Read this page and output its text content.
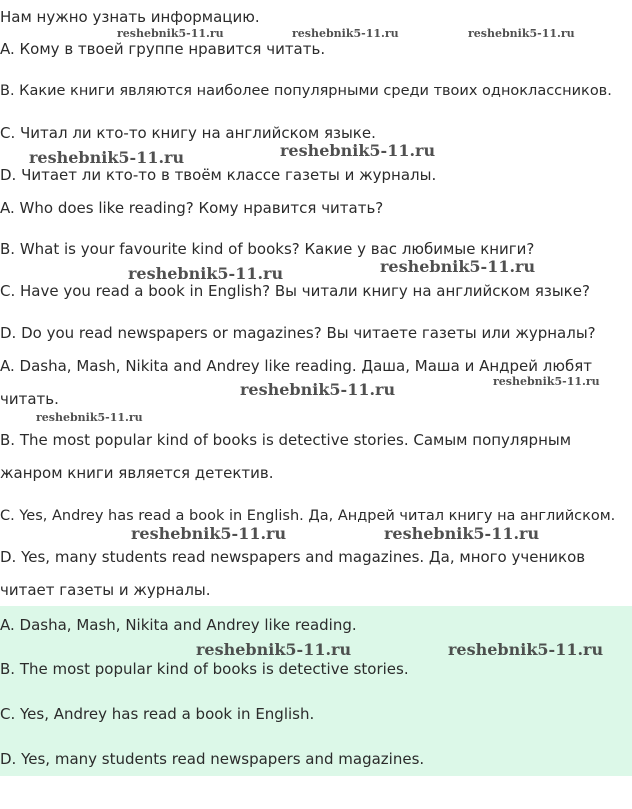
Нам нужно узнать информацию.
A. Кому в твоей группе нравится читать.
B. Какие книги являются наиболее популярными среди твоих одноклассников.
C. Читал ли кто-то книгу на английском языке.
D. Читает ли кто-то в твоём классе газеты и журналы.
A. Who does like reading? Кому нравится читать?
B. What is your favourite kind of books? Какие у вас любимые книги?
C. Have you read a book in English? Вы читали книгу на английском языке?
D. Do you read newspapers or magazines? Вы читаете газеты или журналы?
A. Dasha, Mash, Nikita and Andrey like reading. Даша, Маша и Андрей любят
читать.
B. The most popular kind of books is detective stories. Самым популярным
жанром книги является детектив.
C. Yes, Andrey has read a book in English. Да, Андрей читал книгу на английском.
D. Yes, many students read newspapers and magazines. Да, много учеников
читает газеты и журналы.
A. Dasha, Mash, Nikita and Andrey like reading.
B. The most popular kind of books is detective stories.
C. Yes, Andrey has read a book in English.
D. Yes, many students read newspapers and magazines.
reshebnik5-11.ru	reshebnik5-11.ru	reshebnik5-11.ru
reshebnik5-11.ru	reshebnik5-11.ru
reshebnik5-11.ru	reshebnik5-11.ru
reshebnik5-11.ru	reshebnik5-11.ru
reshebnik5-11.ru
reshebnik5-11.ru	reshebnik5-11.ru
reshebnik5-11.ru	reshebnik5-11.ru
